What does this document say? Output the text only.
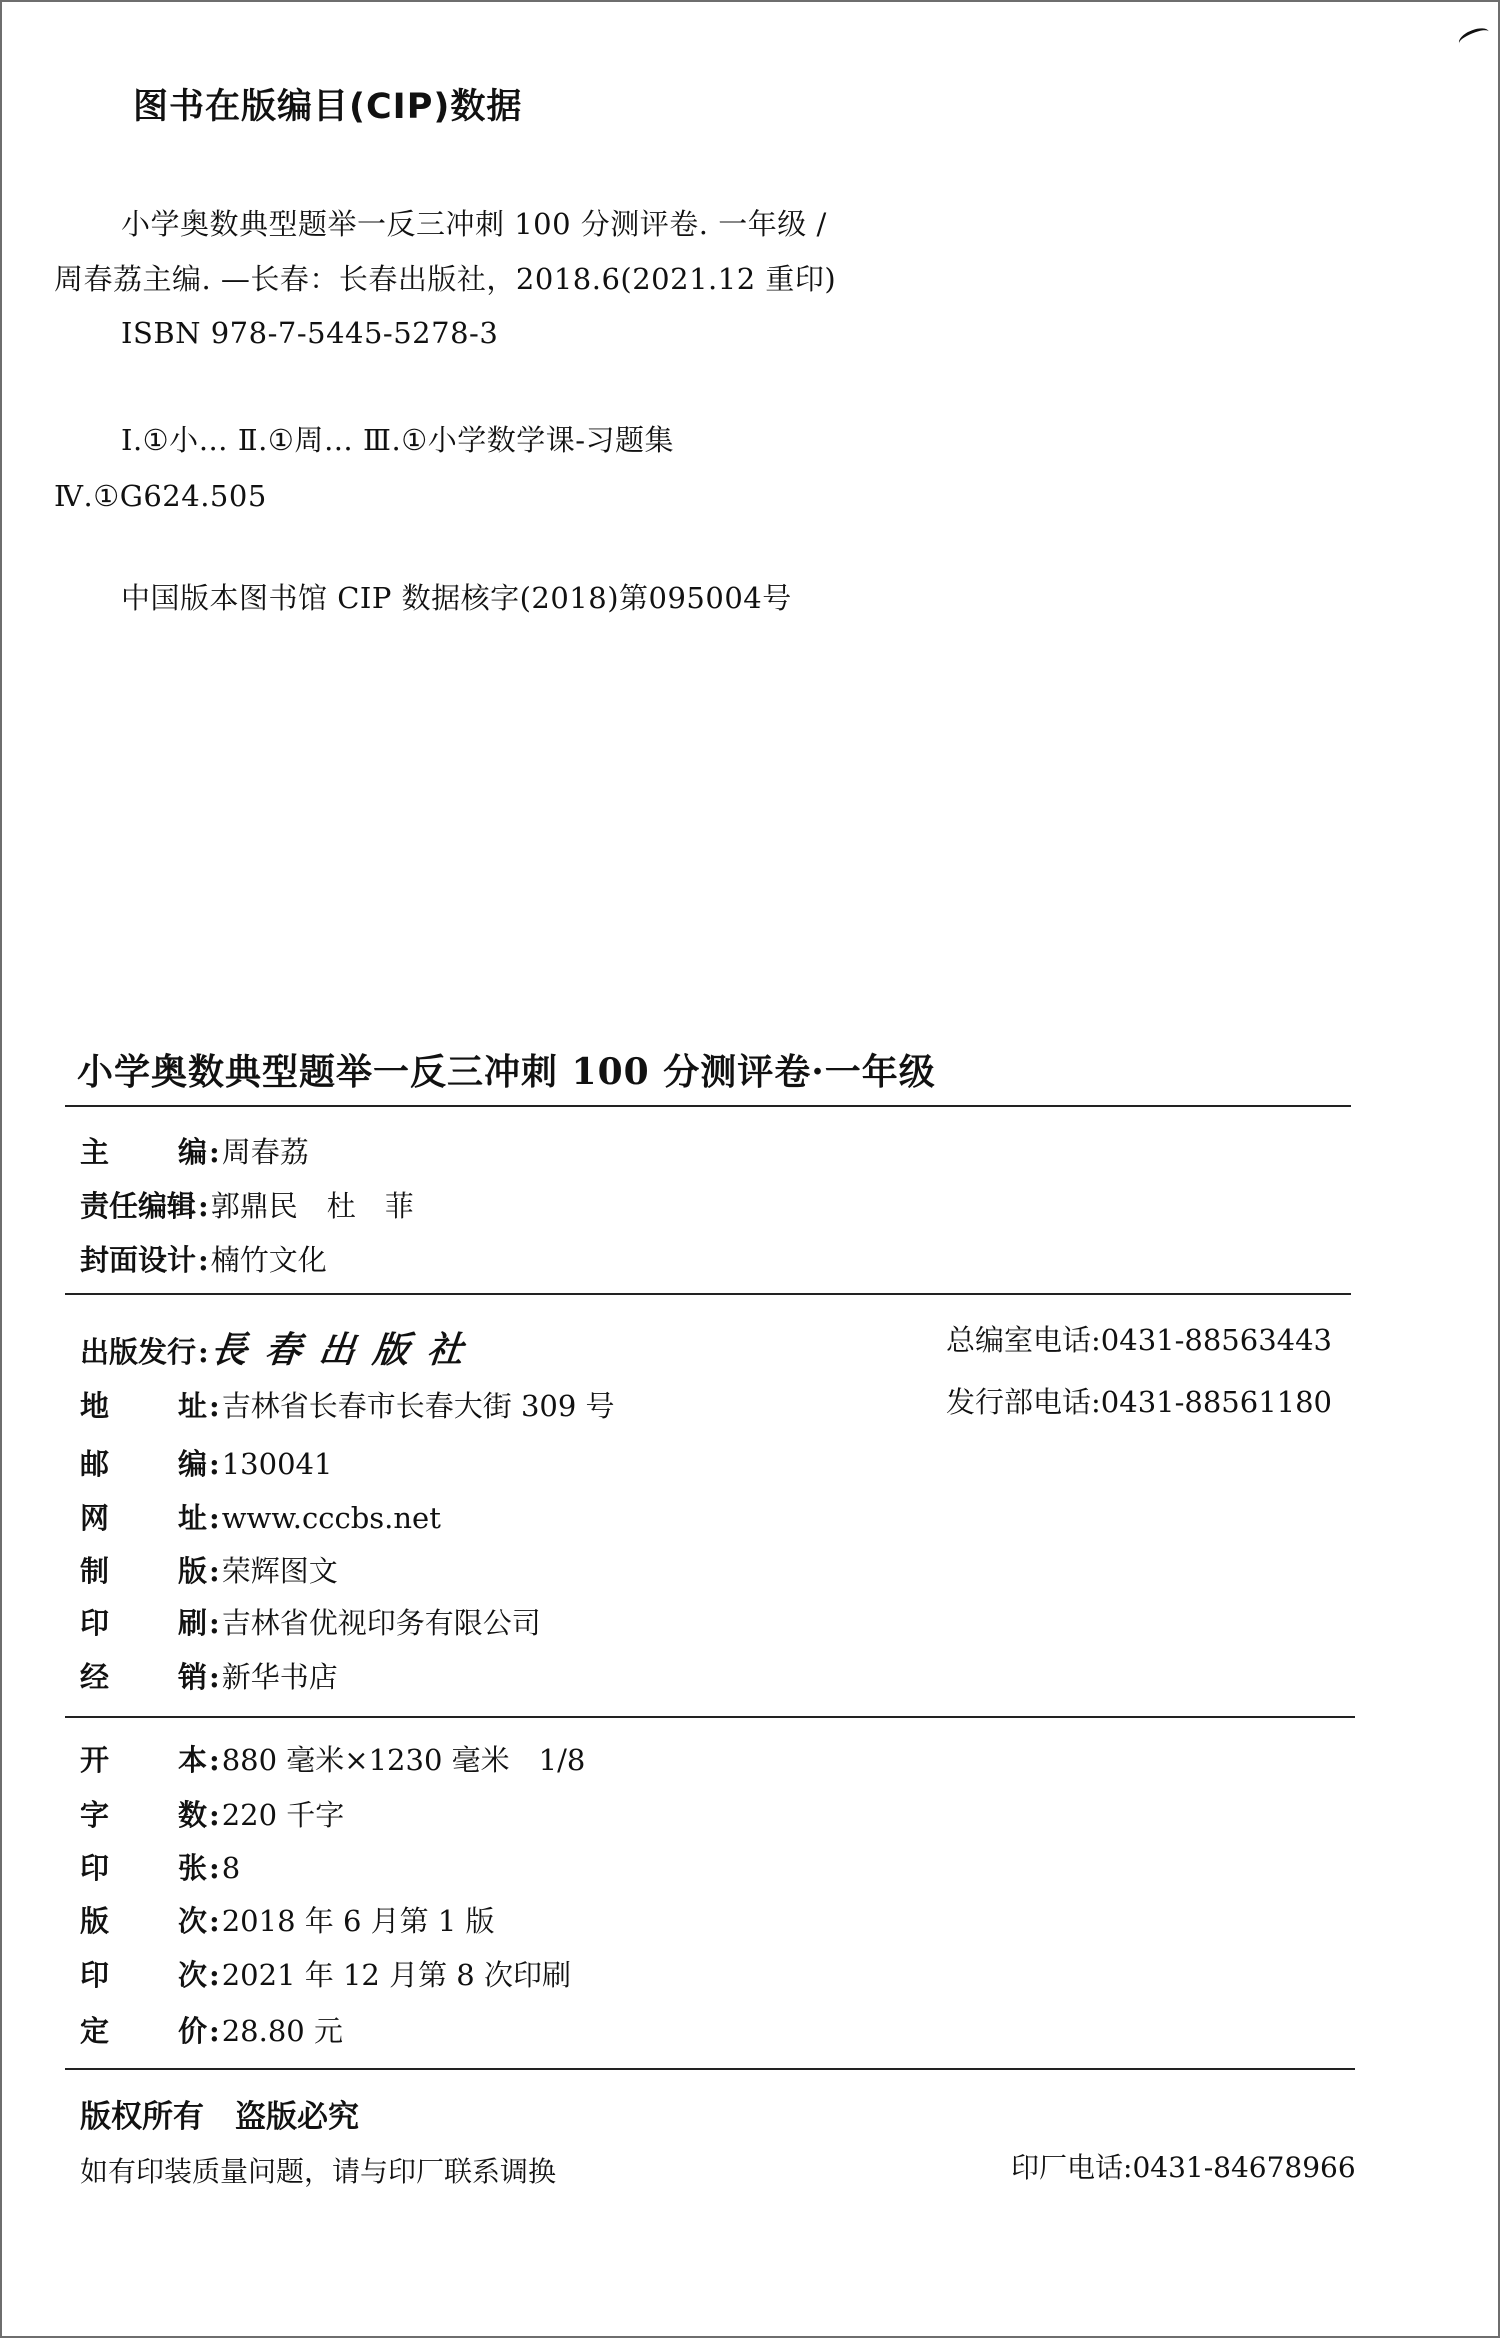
图书在版编目(CIP)数据
小学奥数典型题举一反三冲刺 100 分测评卷. 一年级 /
周春荔主编. —长春：长春出版社，2018.6(2021.12 重印)
ISBN 978-7-5445-5278-3
Ⅰ.①小… Ⅱ.①周… Ⅲ.①小学数学课-习题集
Ⅳ.①G624.505
中国版本图书馆 CIP 数据核字(2018)第095004号
小学奥数典型题举一反三冲刺 100 分测评卷·一年级
主	编 : 周春荔
责任编辑 : 郭鼎民　杜　菲
封面设计 : 楠竹文化
出版发行 : 長春出版社
地	址 : 吉林省长春市长春大街 309 号
邮	编 : 130041
网	址 : www.cccbs.net
制	版 : 荣辉图文
印	刷 : 吉林省优视印务有限公司
经	销 : 新华书店
总编室电话:0431-88563443
发行部电话:0431-88561180
开	本 : 880 毫米×1230 毫米　1/8
字	数 : 220 千字
印	张 : 8
版	次 : 2018 年 6 月第 1 版
印	次 : 2021 年 12 月第 8 次印刷
定	价 : 28.80 元
版权所有　盗版必究
如有印装质量问题，请与印厂联系调换	印厂电话:0431-84678966
